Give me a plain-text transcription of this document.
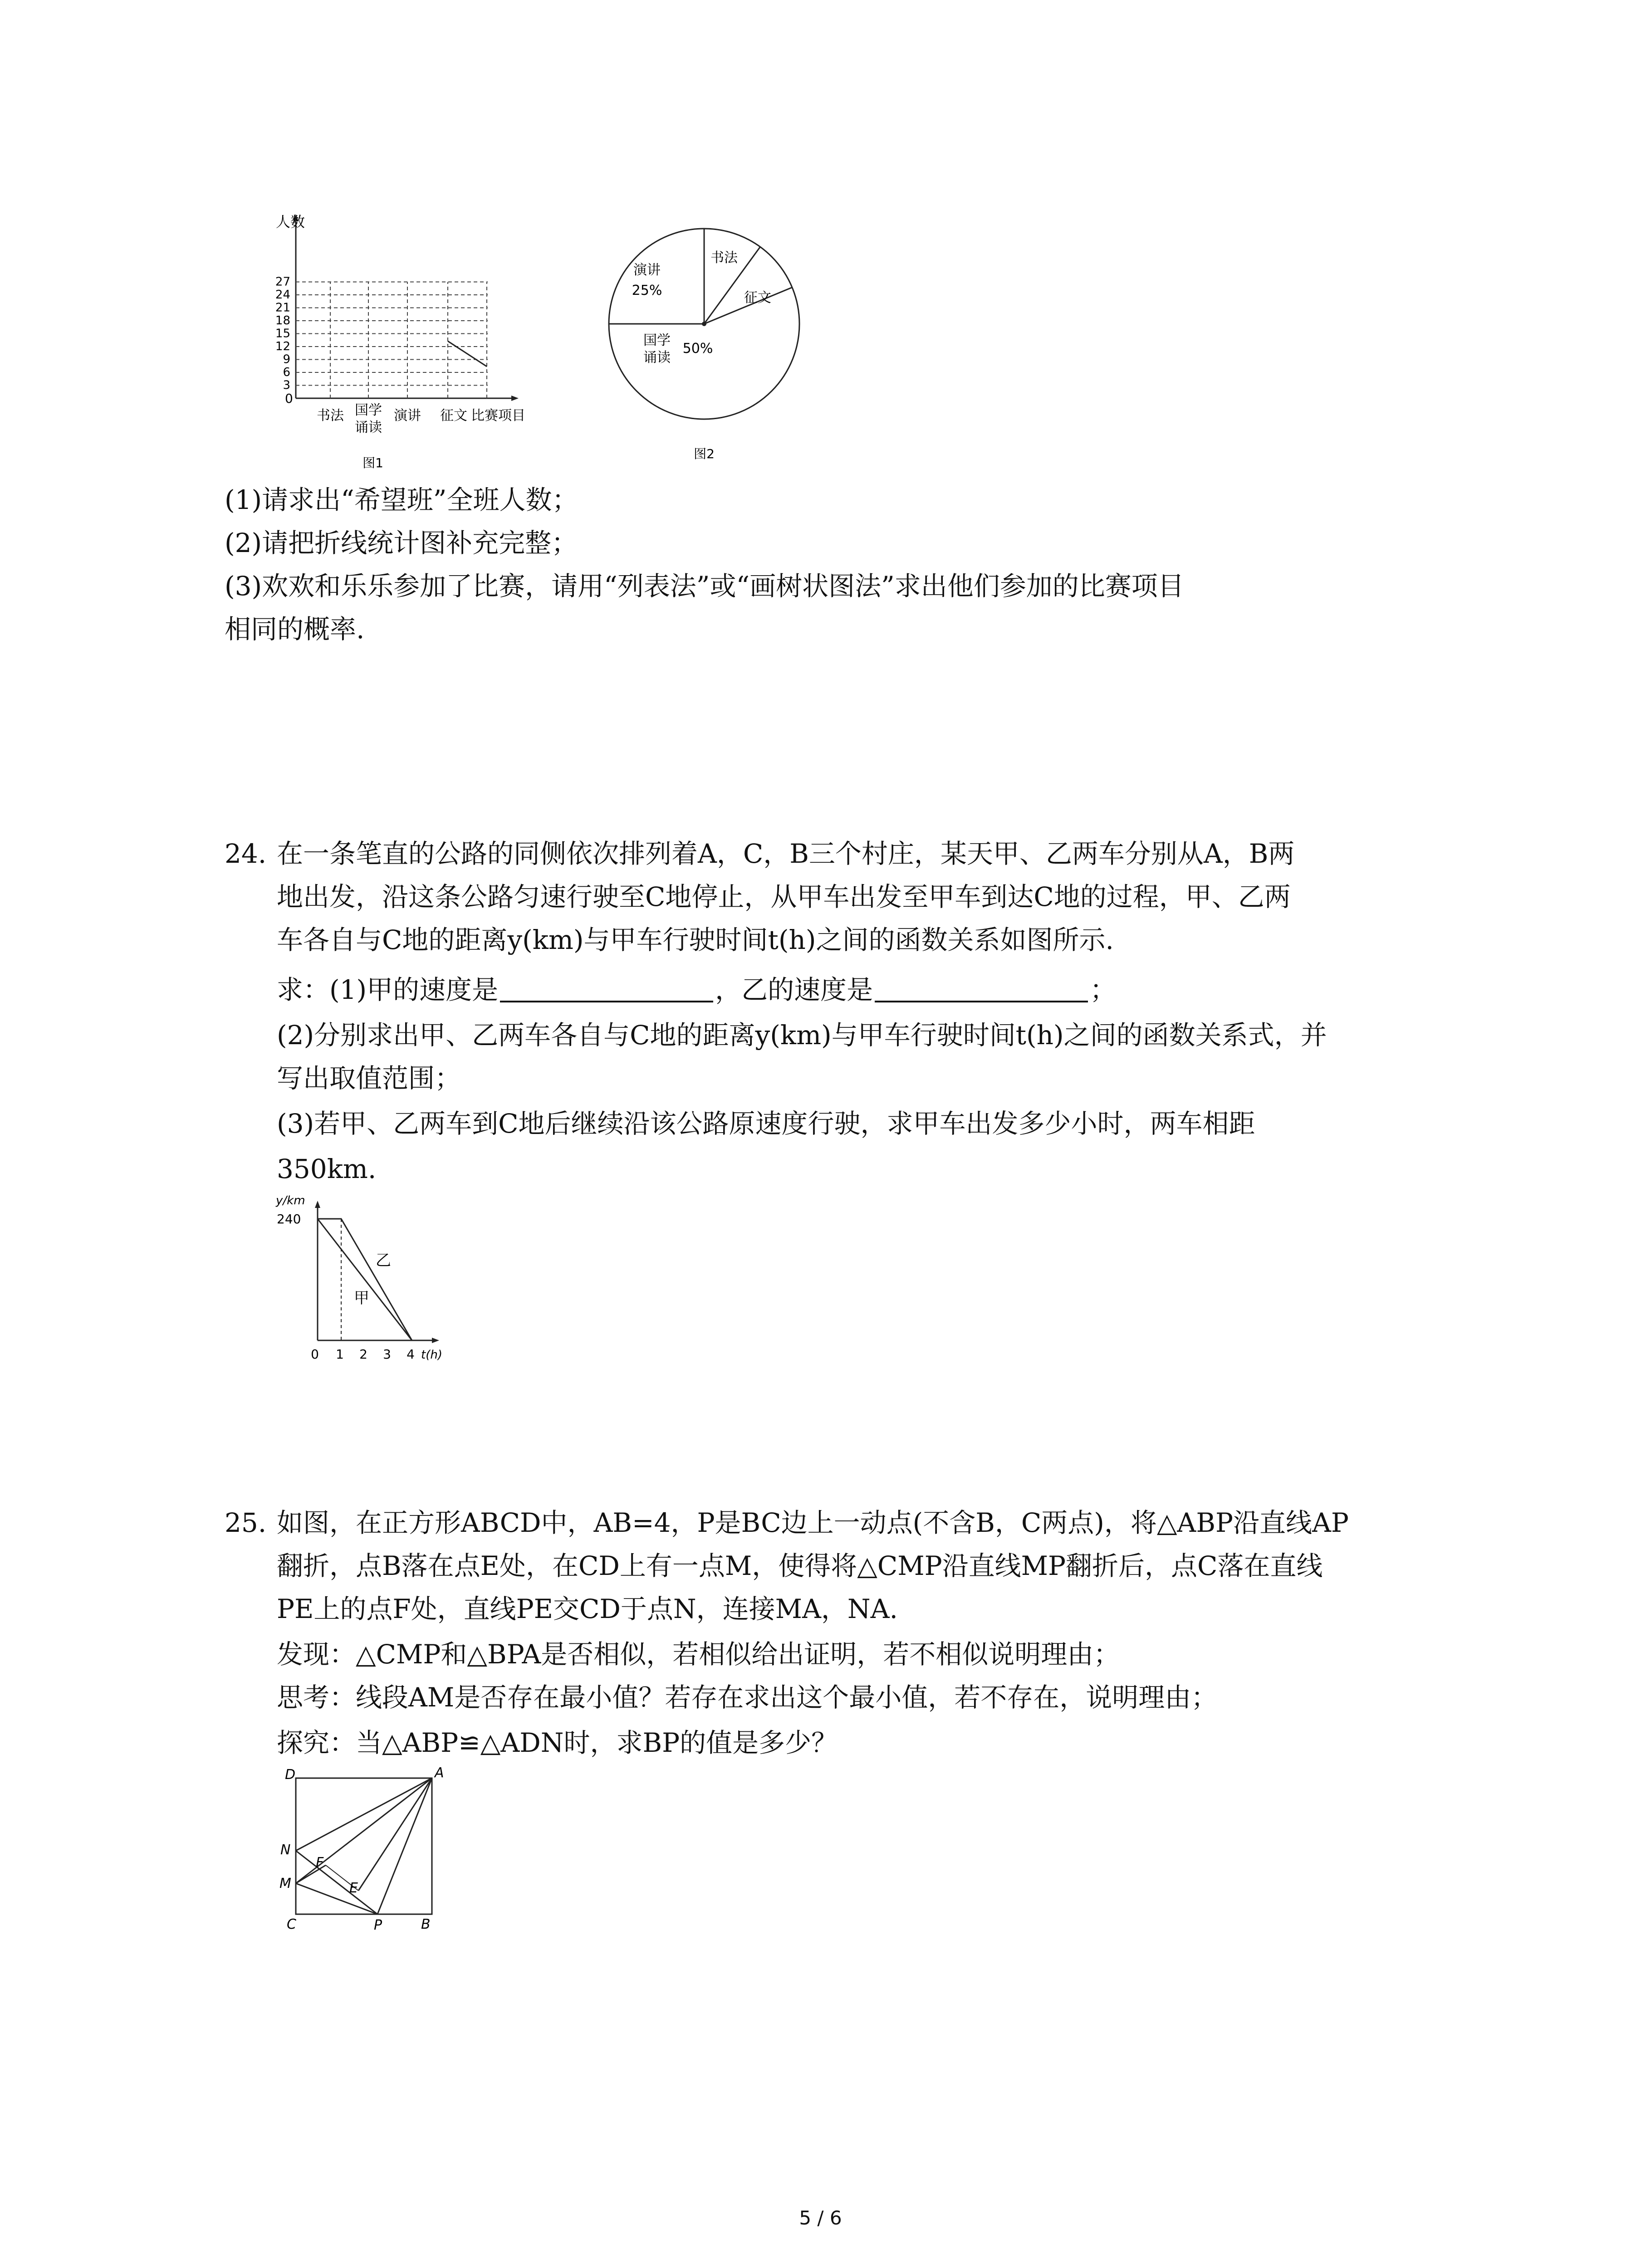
3
6
9
12
15
18
21
24
27
人数
0
书法 国学
诵读
演讲 征文 比赛项目
图1
演讲
25%
书法
征文
国学
诵读
50%
图2
(1)请求出“希望班”全班人数；
(2)请把折线统计图补充完整；
(3)欢欢和乐乐参加了比赛，请用“列表法”或“画树状图法”求出他们参加的比赛项目
相同的概率.
24. 在一条笔直的公路的同侧依次排列着A，C，B三个村庄，某天甲、乙两车分别从A，B两
地出发，沿这条公路匀速行驶至C地停止，从甲车出发至甲车到达C地的过程，甲、乙两
车各自与C地的距离y(km)与甲车行驶时间t(h)之间的函数关系如图所示.
求：(1)甲的速度是	，乙的速度是	；
(2)分别求出甲、乙两车各自与C地的距离y(km)与甲车行驶时间t(h)之间的函数关系式，并
写出取值范围；
(3)若甲、乙两车到C地后继续沿该公路原速度行驶，求甲车出发多少小时，两车相距
350km.
y/km
240
0 1 2 3 4 t(h)
乙
甲
25. 如图，在正方形ABCD中，AB=4，P是BC边上一动点(不含B，C两点)，将△ABP沿直线AP
翻折，点B落在点E处，在CD上有一点M，使得将△CMP沿直线MP翻折后，点C落在直线
PE上的点F处，直线PE交CD于点N，连接MA，NA.
发现：△CMP和△BPA是否相似，若相似给出证明，若不相似说明理由；
思考：线段AM是否存在最小值？若存在求出这个最小值，若不存在，说明理由；
探究：当△ABP≌△ADN时，求BP的值是多少？
D	A
N
F
M	E
C	P	B
5 / 6
